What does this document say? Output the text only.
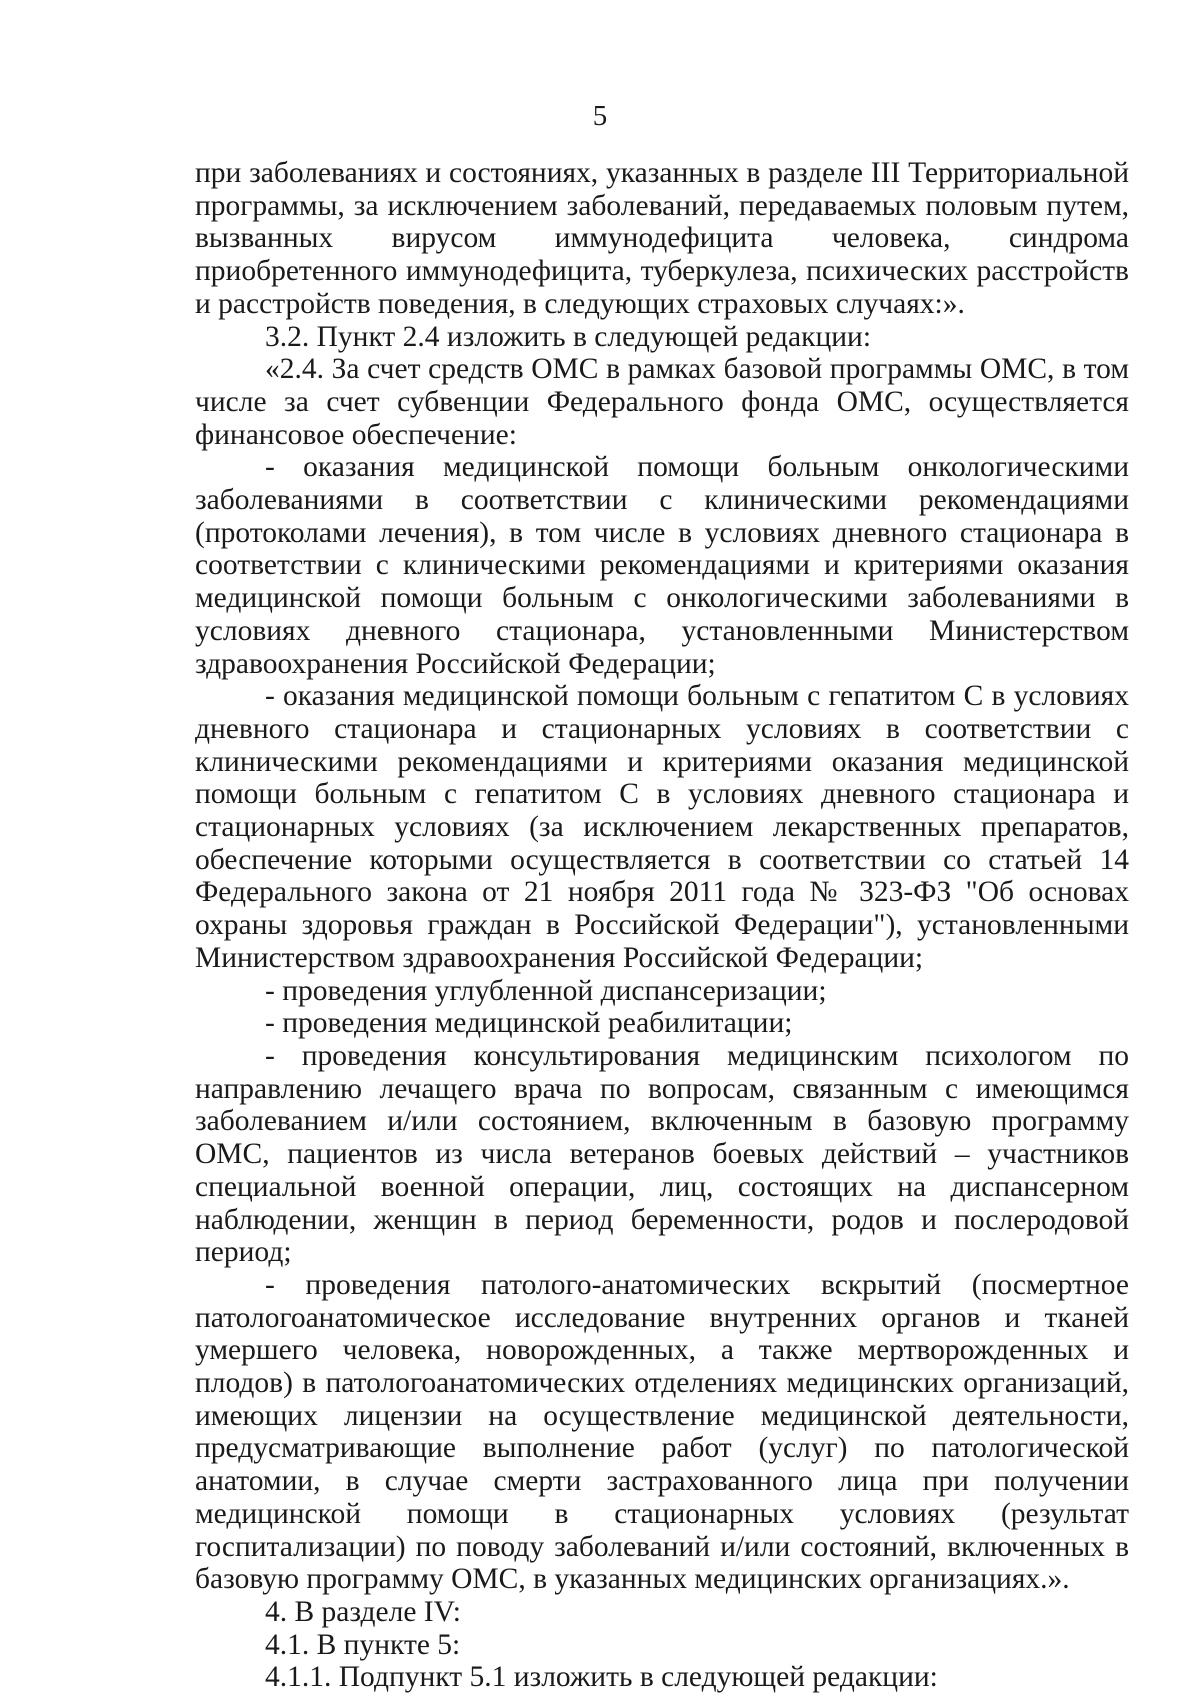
5

при заболеваниях и состояниях, указанных в разделе III Территориальной программы, за исключением заболеваний, передаваемых половым путем, вызванных вирусом иммунодефицита человека, синдрома приобретенного иммунодефицита, туберкулеза, психических расстройств и расстройств поведения, в следующих страховых случаях:».

3.2. Пункт 2.4 изложить в следующей редакции:

«2.4. За счет средств ОМС в рамках базовой программы ОМС, в том числе за счет субвенции Федерального фонда ОМС, осуществляется финансовое обеспечение:

- оказания медицинской помощи больным онкологическими заболеваниями в соответствии с клиническими рекомендациями (протоколами лечения), в том числе в условиях дневного стационара в соответствии с клиническими рекомендациями и критериями оказания медицинской помощи больным с онкологическими заболеваниями в условиях дневного стационара, установленными Министерством здравоохранения Российской Федерации;

- оказания медицинской помощи больным с гепатитом С в условиях дневного стационара и стационарных условиях в соответствии с клиническими рекомендациями и критериями оказания медицинской помощи больным с гепатитом С в условиях дневного стационара и стационарных условиях (за исключением лекарственных препаратов, обеспечение которыми осуществляется в соответствии со статьей 14 Федерального закона от 21 ноября 2011 года № 323-ФЗ "Об основах охраны здоровья граждан в Российской Федерации"), установленными Министерством здравоохранения Российской Федерации;

- проведения углубленной диспансеризации;

- проведения медицинской реабилитации;

- проведения консультирования медицинским психологом по направлению лечащего врача по вопросам, связанным с имеющимся заболеванием и/или состоянием, включенным в базовую программу ОМС, пациентов из числа ветеранов боевых действий – участников специальной военной операции, лиц, состоящих на диспансерном наблюдении, женщин в период беременности, родов и послеродовой период;

- проведения патолого-анатомических вскрытий (посмертное патологоанатомическое исследование внутренних органов и тканей умершего человека, новорожденных, а также мертворожденных и плодов) в патологоанатомических отделениях медицинских организаций, имеющих лицензии на осуществление медицинской деятельности, предусматривающие выполнение работ (услуг) по патологической анатомии, в случае смерти застрахованного лица при получении медицинской помощи в стационарных условиях (результат госпитализации) по поводу заболеваний и/или состояний, включенных в базовую программу ОМС, в указанных медицинских организациях.».

4. В разделе IV:

4.1. В пункте 5:

4.1.1. Подпункт 5.1 изложить в следующей редакции:
